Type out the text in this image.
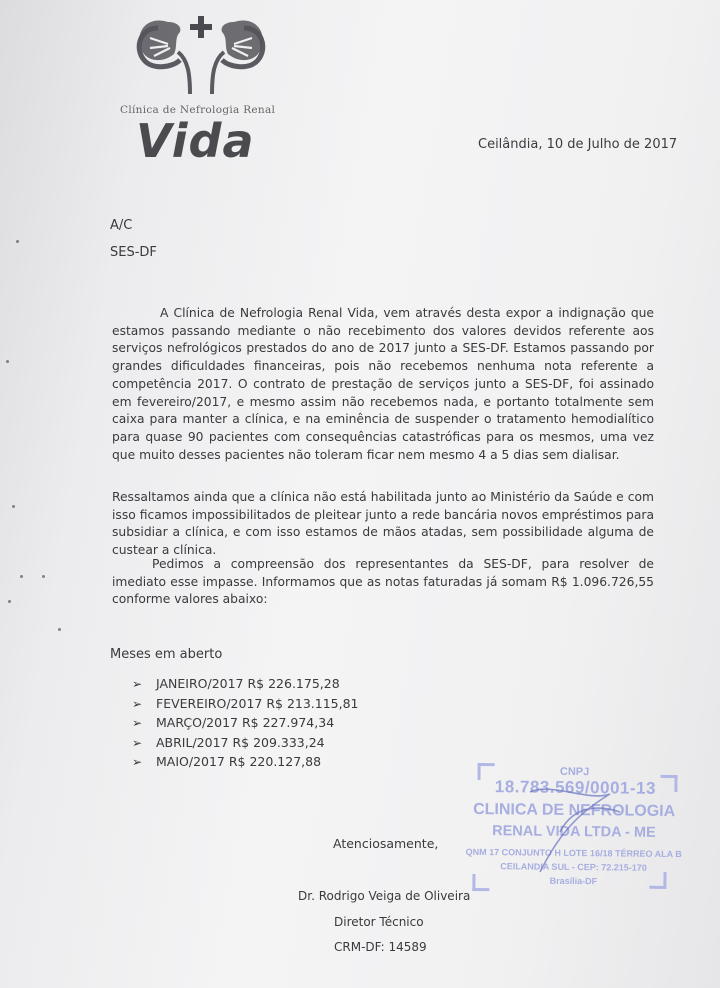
Clínica de Nefrologia Renal
Vida	Ceilândia, 10 de Julho de 2017
A/C
SES-DF

A Clínica de Nefrologia Renal Vida, vem através desta expor a indignação que estamos passando mediante o não recebimento dos valores devidos referente aos serviços nefrológicos prestados do ano de 2017 junto a SES-DF. Estamos passando por grandes dificuldades financeiras, pois não recebemos nenhuma nota referente a competência 2017. O contrato de prestação de serviços junto a SES-DF, foi assinado em fevereiro/2017, e mesmo assim não recebemos nada, e portanto totalmente sem caixa para manter a clínica, e na eminência de suspender o tratamento hemodialítico para quase 90 pacientes com consequências catastróficas para os mesmos, uma vez que muito desses pacientes não toleram ficar nem mesmo 4 a 5 dias sem dialisar.

Ressaltamos ainda que a clínica não está habilitada junto ao Ministério da Saúde e com isso ficamos impossibilitados de pleitear junto a rede bancária novos empréstimos para subsidiar a clínica, e com isso estamos de mãos atadas, sem possibilidade alguma de custear a clínica.

Pedimos a compreensão dos representantes da SES-DF, para resolver de imediato esse impasse. Informamos que as notas faturadas já somam R$ 1.096.726,55 conforme valores abaixo:

Meses em aberto
➢ JANEIRO/2017 R$ 226.175,28
➢ FEVEREIRO/2017 R$ 213.115,81
➢ MARÇO/2017 R$ 227.974,34
➢ ABRIL/2017 R$ 209.333,24
➢ MAIO/2017 R$ 220.127,88
Atenciosamente,
Dr. Rodrigo Veiga de Oliveira
Diretor Técnico
CRM-DF: 14589
CNPJ
18.783.569/0001-13
CLINICA DE NEFROLOGIA
RENAL VIDA LTDA - ME
QNM 17 CONJUNTO H LOTE 16/18 TÉRREO ALA B
CEILANDIA SUL - CEP: 72.215-170
Brasília-DF
